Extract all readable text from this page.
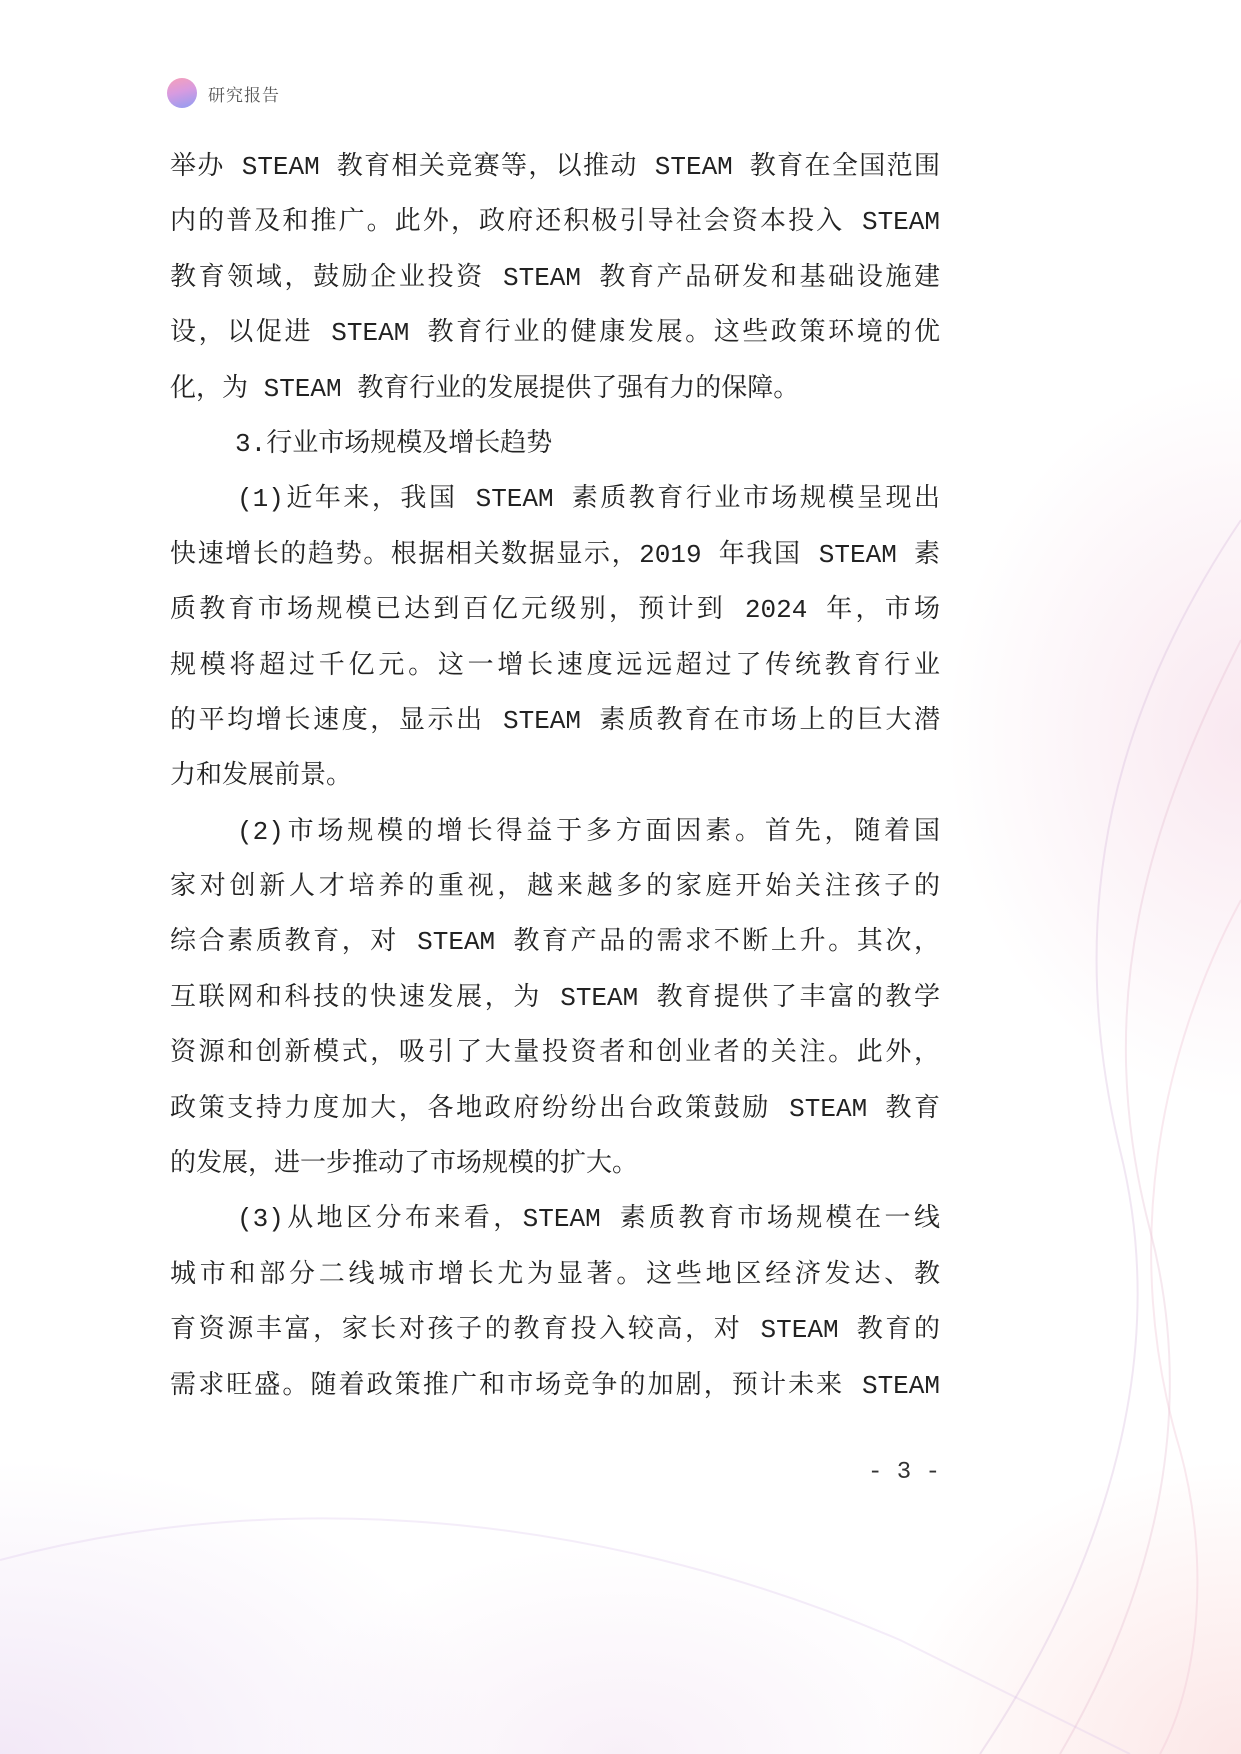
研究报告
举办 STEAM 教育相关竞赛等，以推动 STEAM 教育在全国范围
内的普及和推广。此外，政府还积极引导社会资本投入 STEAM
教育领域，鼓励企业投资 STEAM 教育产品研发和基础设施建
设，以促进 STEAM 教育行业的健康发展。这些政策环境的优
化，为 STEAM 教育行业的发展提供了强有力的保障。
3.行业市场规模及增长趋势
(1)近年来，我国 STEAM 素质教育行业市场规模呈现出
快速增长的趋势。根据相关数据显示，2019 年我国 STEAM 素
质教育市场规模已达到百亿元级别，预计到 2024 年，市场
规模将超过千亿元。这一增长速度远远超过了传统教育行业
的平均增长速度，显示出 STEAM 素质教育在市场上的巨大潜
力和发展前景。
(2)市场规模的增长得益于多方面因素。首先，随着国
家对创新人才培养的重视，越来越多的家庭开始关注孩子的
综合素质教育，对 STEAM 教育产品的需求不断上升。其次，
互联网和科技的快速发展，为 STEAM 教育提供了丰富的教学
资源和创新模式，吸引了大量投资者和创业者的关注。此外，
政策支持力度加大，各地政府纷纷出台政策鼓励 STEAM 教育
的发展，进一步推动了市场规模的扩大。
(3)从地区分布来看，STEAM 素质教育市场规模在一线
城市和部分二线城市增长尤为显著。这些地区经济发达、教
育资源丰富，家长对孩子的教育投入较高，对 STEAM 教育的
需求旺盛。随着政策推广和市场竞争的加剧，预计未来 STEAM
- 3 -
